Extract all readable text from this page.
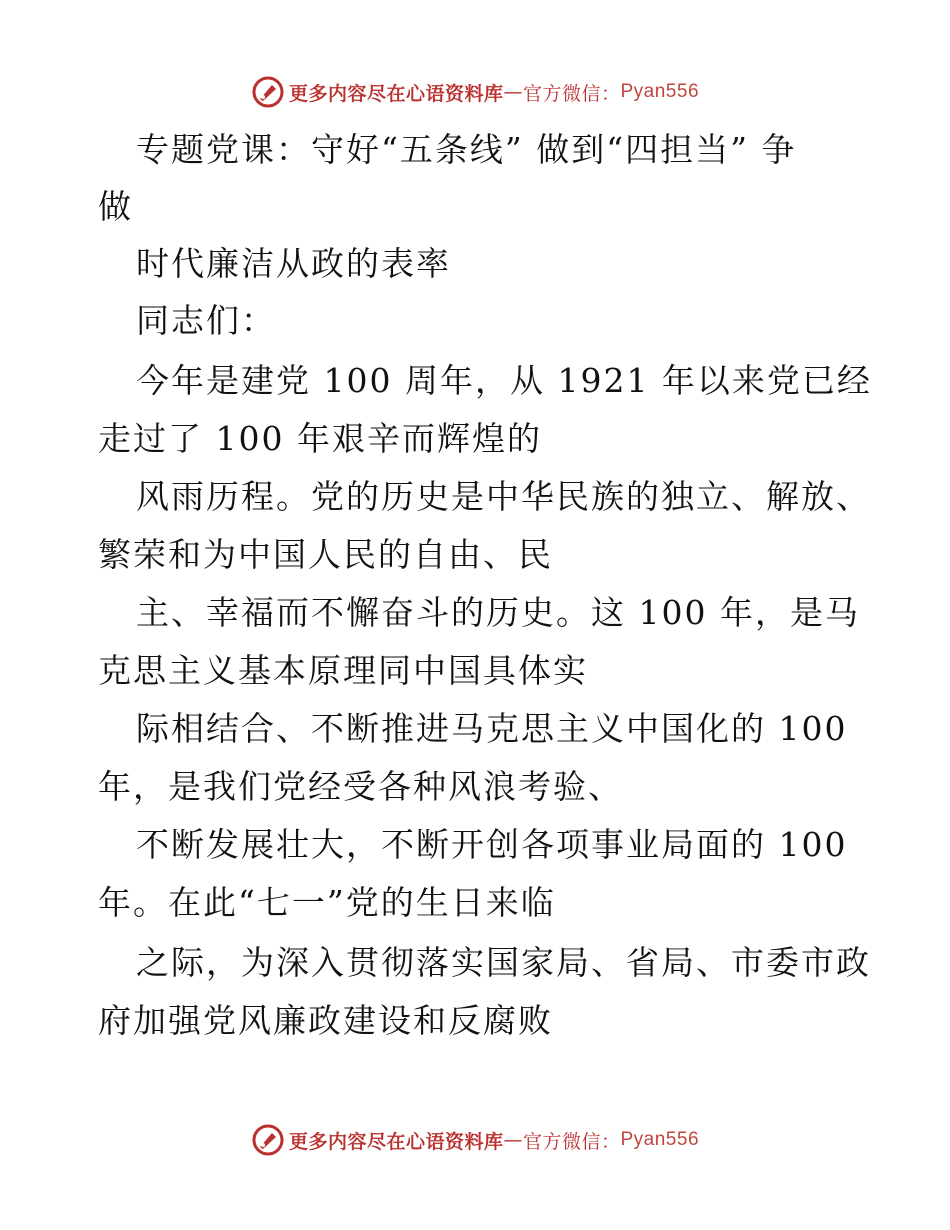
更多内容尽在心语资料库 — 官方微信： Pyan556
专题党课：守好“五条线” 做到“四担当” 争
做
时代廉洁从政的表率
同志们：
今年是建党 100 周年，从 1921 年以来党已经
走过了 100 年艰辛而辉煌的
风雨历程。党的历史是中华民族的独立、解放、
繁荣和为中国人民的自由、民
主、幸福而不懈奋斗的历史。这 100 年，是马
克思主义基本原理同中国具体实
际相结合、不断推进马克思主义中国化的 100
年，是我们党经受各种风浪考验、
不断发展壮大，不断开创各项事业局面的 100
年。在此“七一”党的生日来临
之际，为深入贯彻落实国家局、省局、市委市政
府加强党风廉政建设和反腐败
更多内容尽在心语资料库 — 官方微信： Pyan556
